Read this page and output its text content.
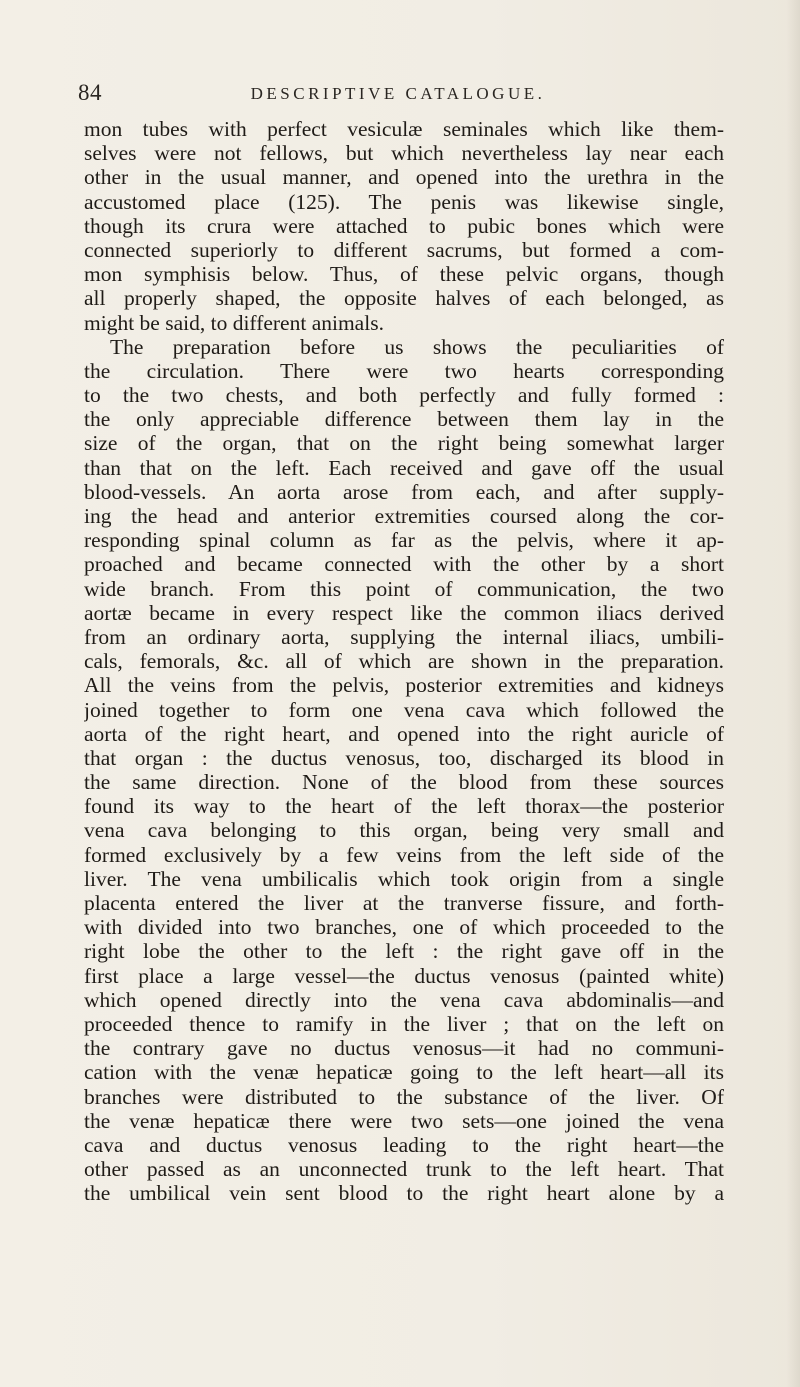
84	DESCRIPTIVE CATALOGUE.
mon tubes with perfect vesiculæ seminales which like them-
selves were not fellows, but which nevertheless lay near each
other in the usual manner, and opened into the urethra in the
accustomed place (125). The penis was likewise single,
though its crura were attached to pubic bones which were
connected superiorly to different sacrums, but formed a com-
mon symphisis below. Thus, of these pelvic organs, though
all properly shaped, the opposite halves of each belonged, as
might be said, to different animals.
The preparation before us shows the peculiarities of
the circulation. There were two hearts corresponding
to the two chests, and both perfectly and fully formed :
the only appreciable difference between them lay in the
size of the organ, that on the right being somewhat larger
than that on the left. Each received and gave off the usual
blood-vessels. An aorta arose from each, and after supply-
ing the head and anterior extremities coursed along the cor-
responding spinal column as far as the pelvis, where it ap-
proached and became connected with the other by a short
wide branch. From this point of communication, the two
aortæ became in every respect like the common iliacs derived
from an ordinary aorta, supplying the internal iliacs, umbili-
cals, femorals, &c. all of which are shown in the preparation.
All the veins from the pelvis, posterior extremities and kidneys
joined together to form one vena cava which followed the
aorta of the right heart, and opened into the right auricle of
that organ : the ductus venosus, too, discharged its blood in
the same direction. None of the blood from these sources
found its way to the heart of the left thorax—the posterior
vena cava belonging to this organ, being very small and
formed exclusively by a few veins from the left side of the
liver. The vena umbilicalis which took origin from a single
placenta entered the liver at the tranverse fissure, and forth-
with divided into two branches, one of which proceeded to the
right lobe the other to the left : the right gave off in the
first place a large vessel—the ductus venosus (painted white)
which opened directly into the vena cava abdominalis—and
proceeded thence to ramify in the liver ; that on the left on
the contrary gave no ductus venosus—it had no communi-
cation with the venæ hepaticæ going to the left heart—all its
branches were distributed to the substance of the liver. Of
the venæ hepaticæ there were two sets—one joined the vena
cava and ductus venosus leading to the right heart—the
other passed as an unconnected trunk to the left heart. That
the umbilical vein sent blood to the right heart alone by a
